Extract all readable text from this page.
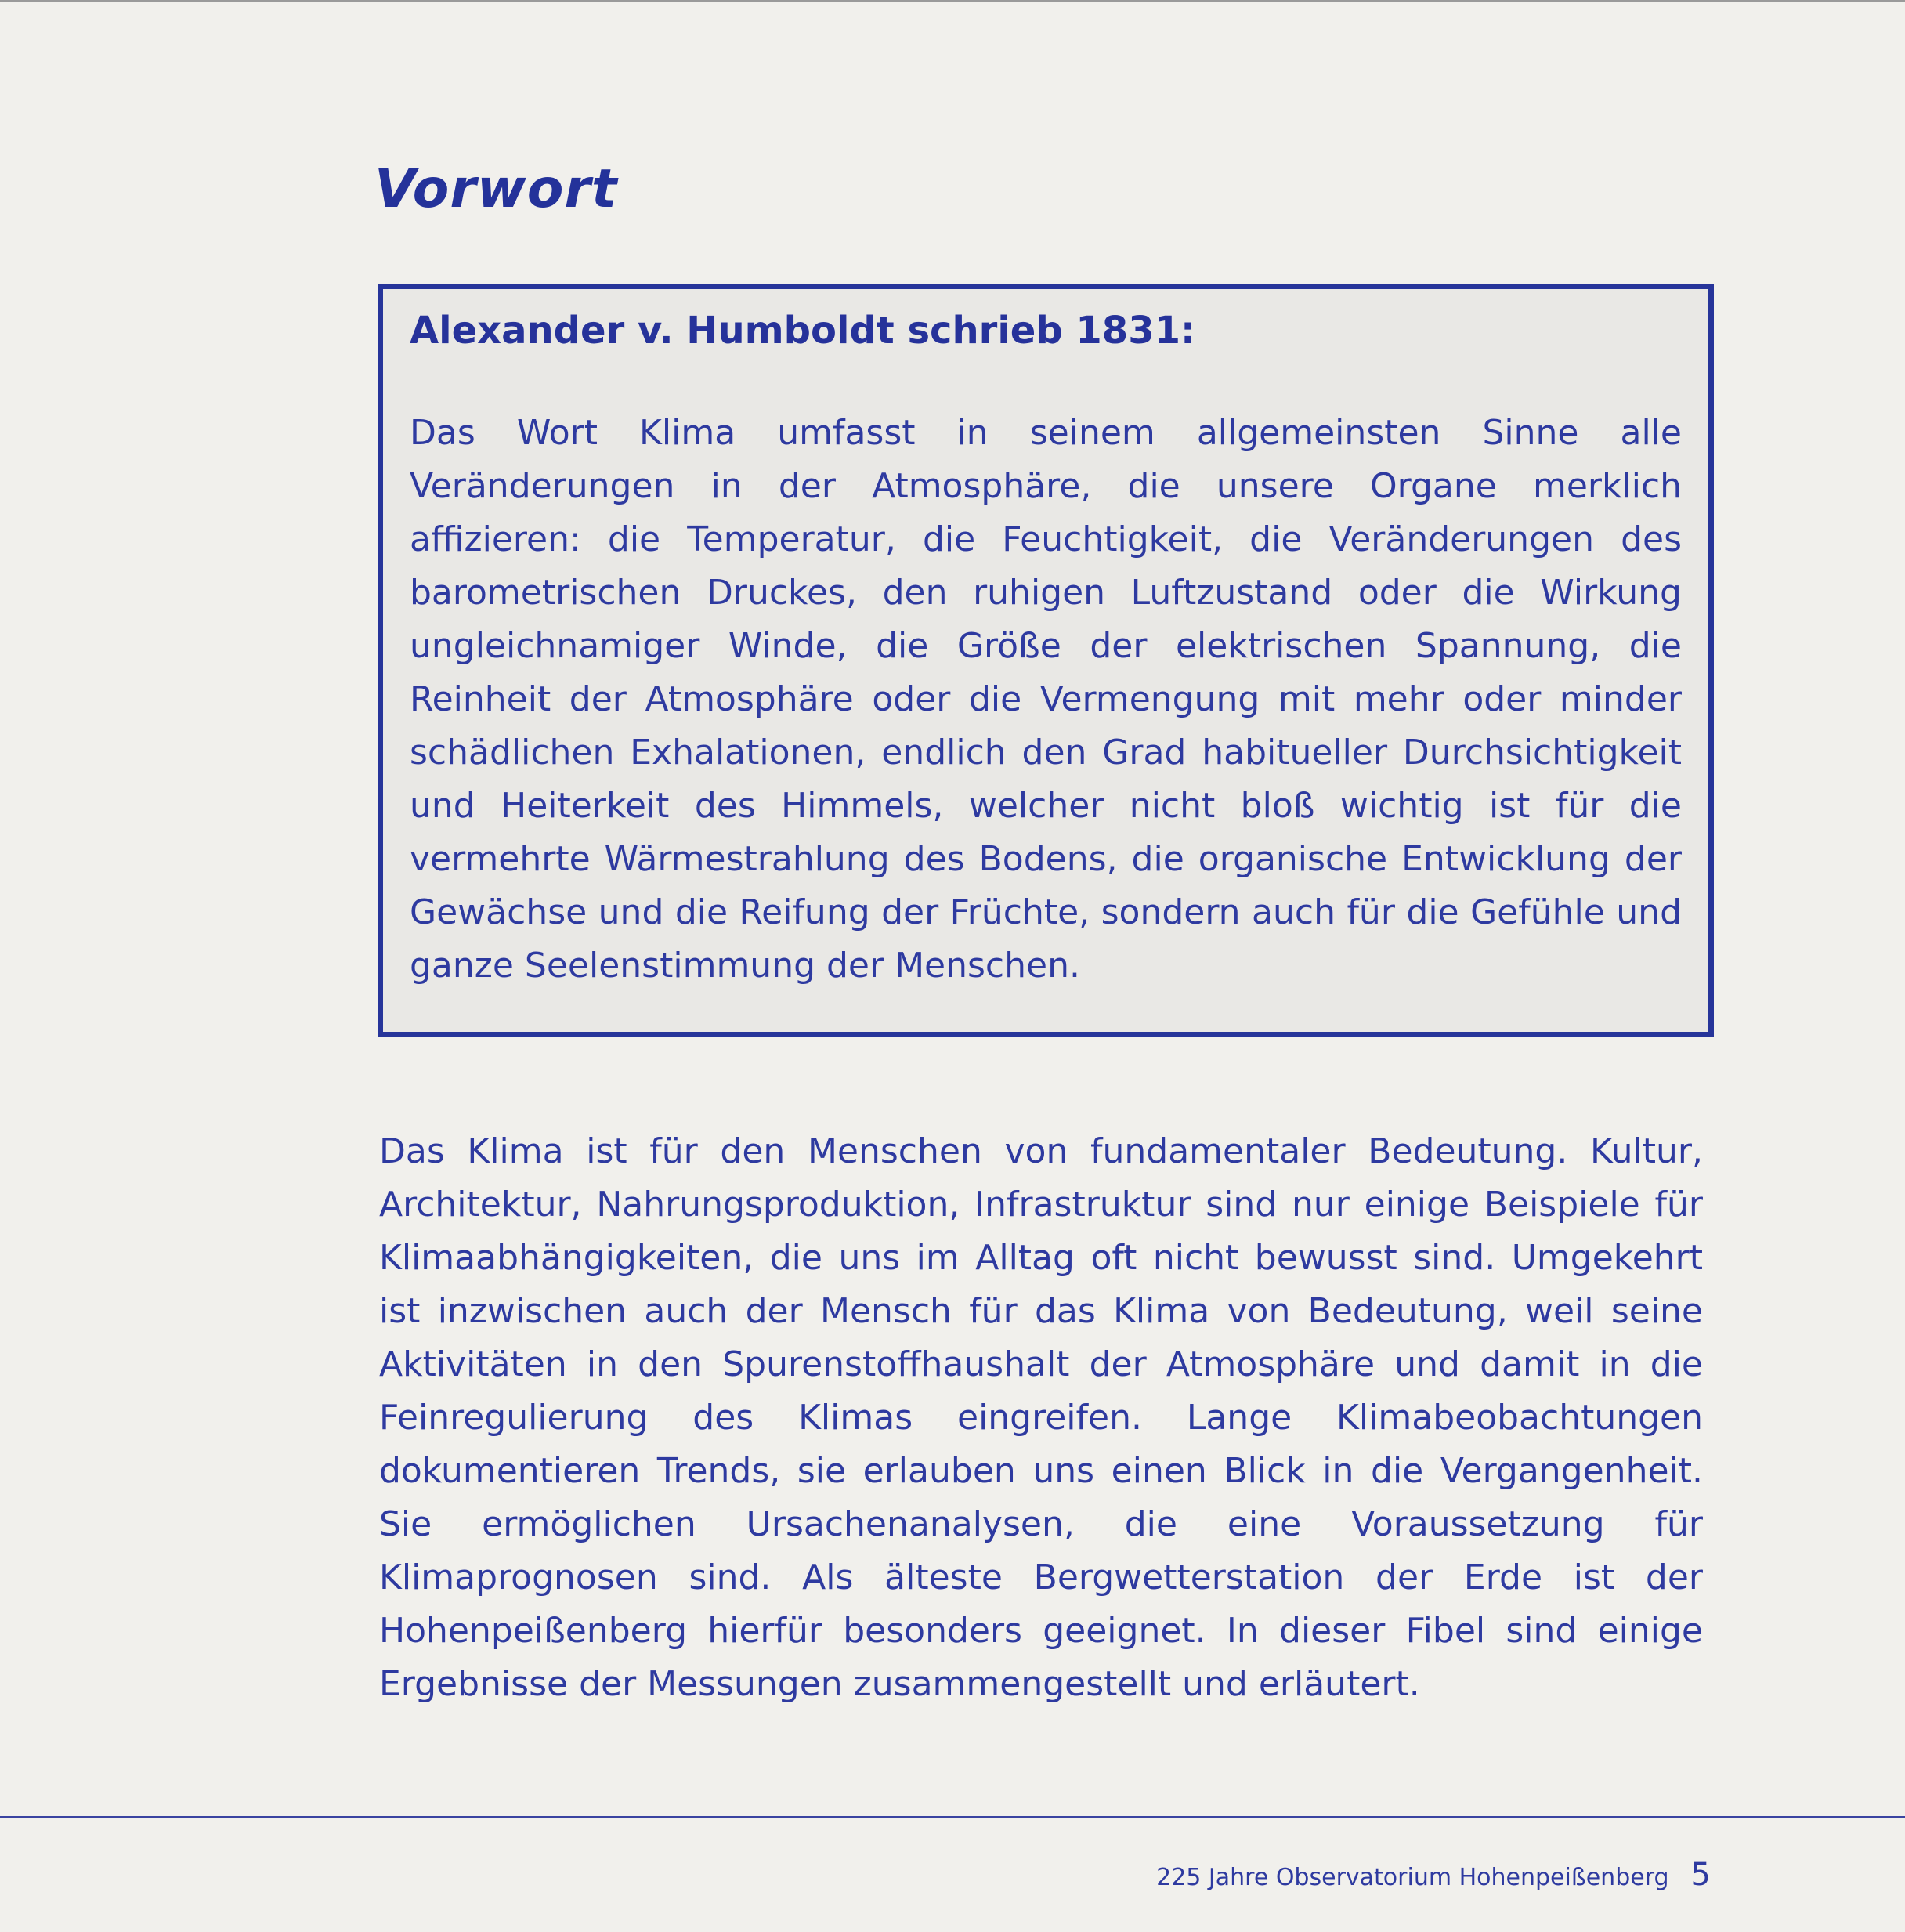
Vorwort
Alexander v. Humboldt schrieb 1831:

Das Wort Klima umfasst in seinem allgemeinsten Sinne alle Veränderungen in der Atmosphäre, die unsere Organe merklich affizieren: die Temperatur, die Feuchtigkeit, die Veränderungen des barometrischen Druckes, den ruhigen Luftzustand oder die Wirkung ungleichnamiger Winde, die Größe der elektrischen Spannung, die Reinheit der Atmosphäre oder die Vermengung mit mehr oder minder schädlichen Exhalationen, endlich den Grad habitueller Durchsichtigkeit und Heiterkeit des Himmels, welcher nicht bloß wichtig ist für die vermehrte Wärmestrahlung des Bodens, die organische Entwicklung der Gewächse und die Reifung der Früchte, sondern auch für die Gefühle und ganze Seelenstimmung der Menschen.

Das Klima ist für den Menschen von fundamentaler Bedeutung. Kultur, Architektur, Nahrungsproduktion, Infrastruktur sind nur einige Beispiele für Klimaabhängigkeiten, die uns im Alltag oft nicht bewusst sind. Umgekehrt ist inzwischen auch der Mensch für das Klima von Bedeutung, weil seine Aktivitäten in den Spurenstoffhaushalt der Atmosphäre und damit in die Feinregulierung des Klimas eingreifen. Lange Klimabeobachtungen dokumentieren Trends, sie erlauben uns einen Blick in die Vergangenheit. Sie ermöglichen Ursachenanalysen, die eine Voraussetzung für Klimaprognosen sind. Als älteste Bergwetterstation der Erde ist der Hohenpeißenberg hierfür besonders geeignet. In dieser Fibel sind einige Ergebnisse der Messungen zusammengestellt und erläutert.

225 Jahre Observatorium Hohenpeißenberg 5
